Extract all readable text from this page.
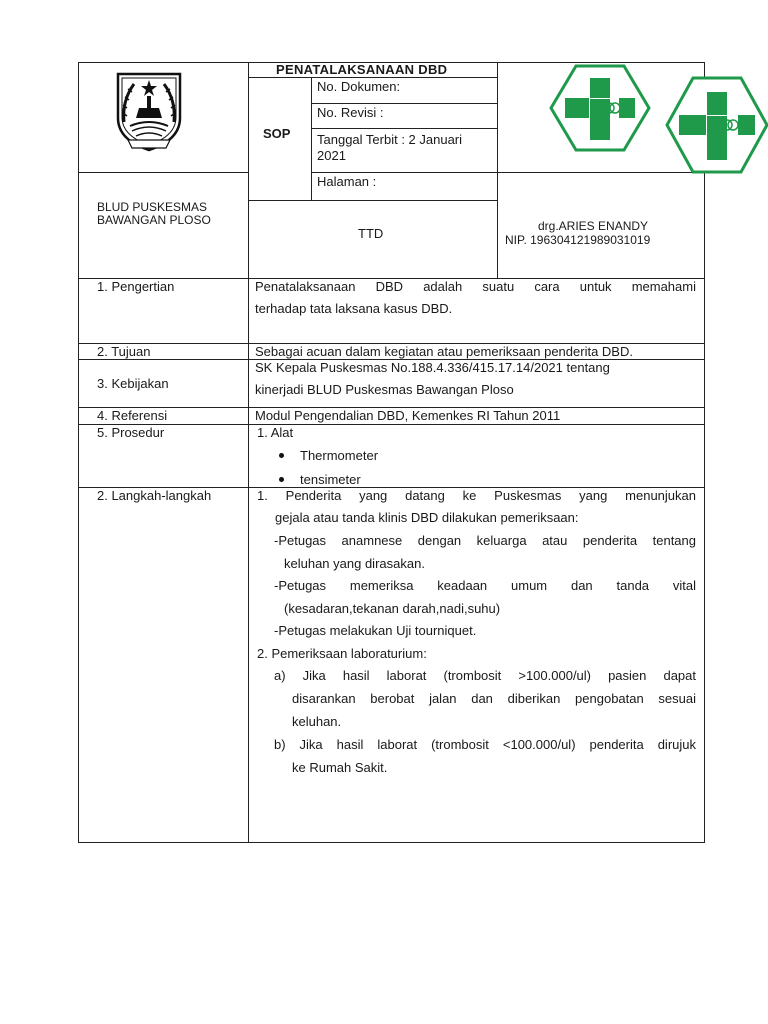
PENATALAKSANAAN DBD
SOP
No. Dokumen:
No. Revisi :
Tanggal Terbit : 2 Januari
2021
Halaman :
BLUD PUSKESMAS
BAWANGAN PLOSO
TTD	drg.ARIES ENANDY
NIP. 196304121989031019
1. Pengertian
2. Tujuan
3. Kebijakan
4. Referensi
5. Prosedur
2. Langkah-langkah
Penatalaksanaan DBD adalah suatu cara untuk memahami
terhadap tata laksana kasus DBD.
Sebagai acuan dalam kegiatan atau pemeriksaan penderita DBD.
SK Kepala Puskesmas No.188.4.336/415.17.14/2021 tentang
kinerjadi BLUD Puskesmas Bawangan Ploso
Modul Pengendalian DBD, Kemenkes RI Tahun 2011
1. Alat
Thermometer
tensimeter
1. Penderita yang datang ke Puskesmas yang menunjukan
gejala atau tanda klinis DBD dilakukan pemeriksaan:
-Petugas anamnese dengan keluarga atau penderita tentang
keluhan yang dirasakan.
-Petugas memeriksa keadaan umum dan tanda vital
(kesadaran,tekanan darah,nadi,suhu)
-Petugas melakukan Uji tourniquet.
2. Pemeriksaan laboraturium:
a) Jika hasil laborat (trombosit >100.000/ul) pasien dapat
disarankan berobat jalan dan diberikan pengobatan sesuai
keluhan.
b) Jika hasil laborat (trombosit <100.000/ul) penderita dirujuk
ke Rumah Sakit.
